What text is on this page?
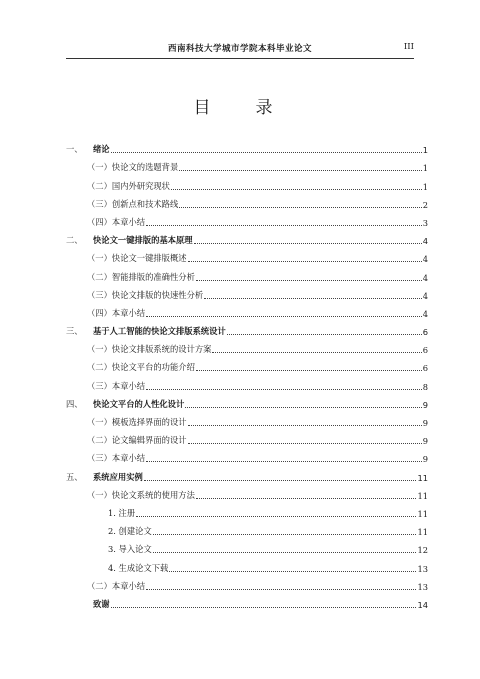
西南科技大学城市学院本科毕业论文	III
目　录
一、	绪论	1
（一）快论文的选题背景	1
（二）国内外研究现状	1
（三）创新点和技术路线	2
（四）本章小结	3
二、	快论文一键排版的基本原理	4
（一）快论文一键排版概述	4
（二）智能排版的准确性分析	4
（三）快论文排版的快速性分析	4
（四）本章小结	4
三、	基于人工智能的快论文排版系统设计	6
（一）快论文排版系统的设计方案	6
（二）快论文平台的功能介绍	6
（三）本章小结	8
四、	快论文平台的人性化设计	9
（一）模板选择界面的设计	9
（二）论文编辑界面的设计	9
（三）本章小结	9
五、	系统应用实例	11
（一）快论文系统的使用方法	11
1. 注册	11
2. 创建论文	11
3. 导入论文	12
4. 生成论文下载	13
（二）本章小结	13
致谢	14
